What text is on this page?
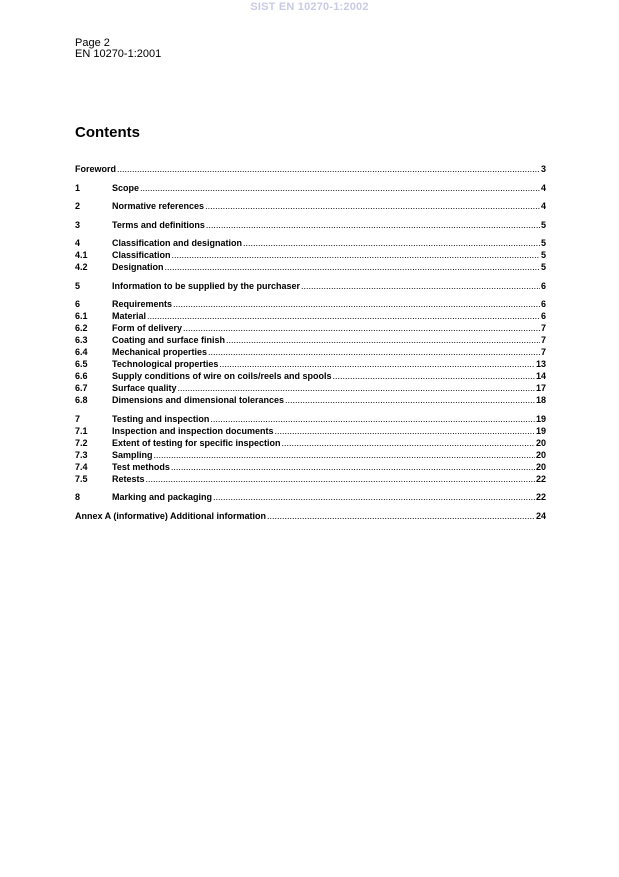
SIST EN 10270-1:2002
Page 2
EN 10270-1:2001
Contents
Foreword .....	3
1	Scope .....	4
2	Normative references .....	4
3	Terms and definitions .....	5
4	Classification and designation .....	5
4.1	Classification .....	5
4.2	Designation .....	5
5	Information to be supplied by the purchaser .....	6
6	Requirements .....	6
6.1	Material .....	6
6.2	Form of delivery .....	7
6.3	Coating and surface finish .....	7
6.4	Mechanical properties .....	7
6.5	Technological properties .....	13
6.6	Supply conditions of wire on coils/reels and spools .....	14
6.7	Surface quality .....	17
6.8	Dimensions and dimensional tolerances .....	18
7	Testing and inspection .....	19
7.1	Inspection and inspection documents .....	19
7.2	Extent of testing for specific inspection .....	20
7.3	Sampling .....	20
7.4	Test methods .....	20
7.5	Retests .....	22
8	Marking and packaging .....	22
Annex A (informative) Additional information .....	24
